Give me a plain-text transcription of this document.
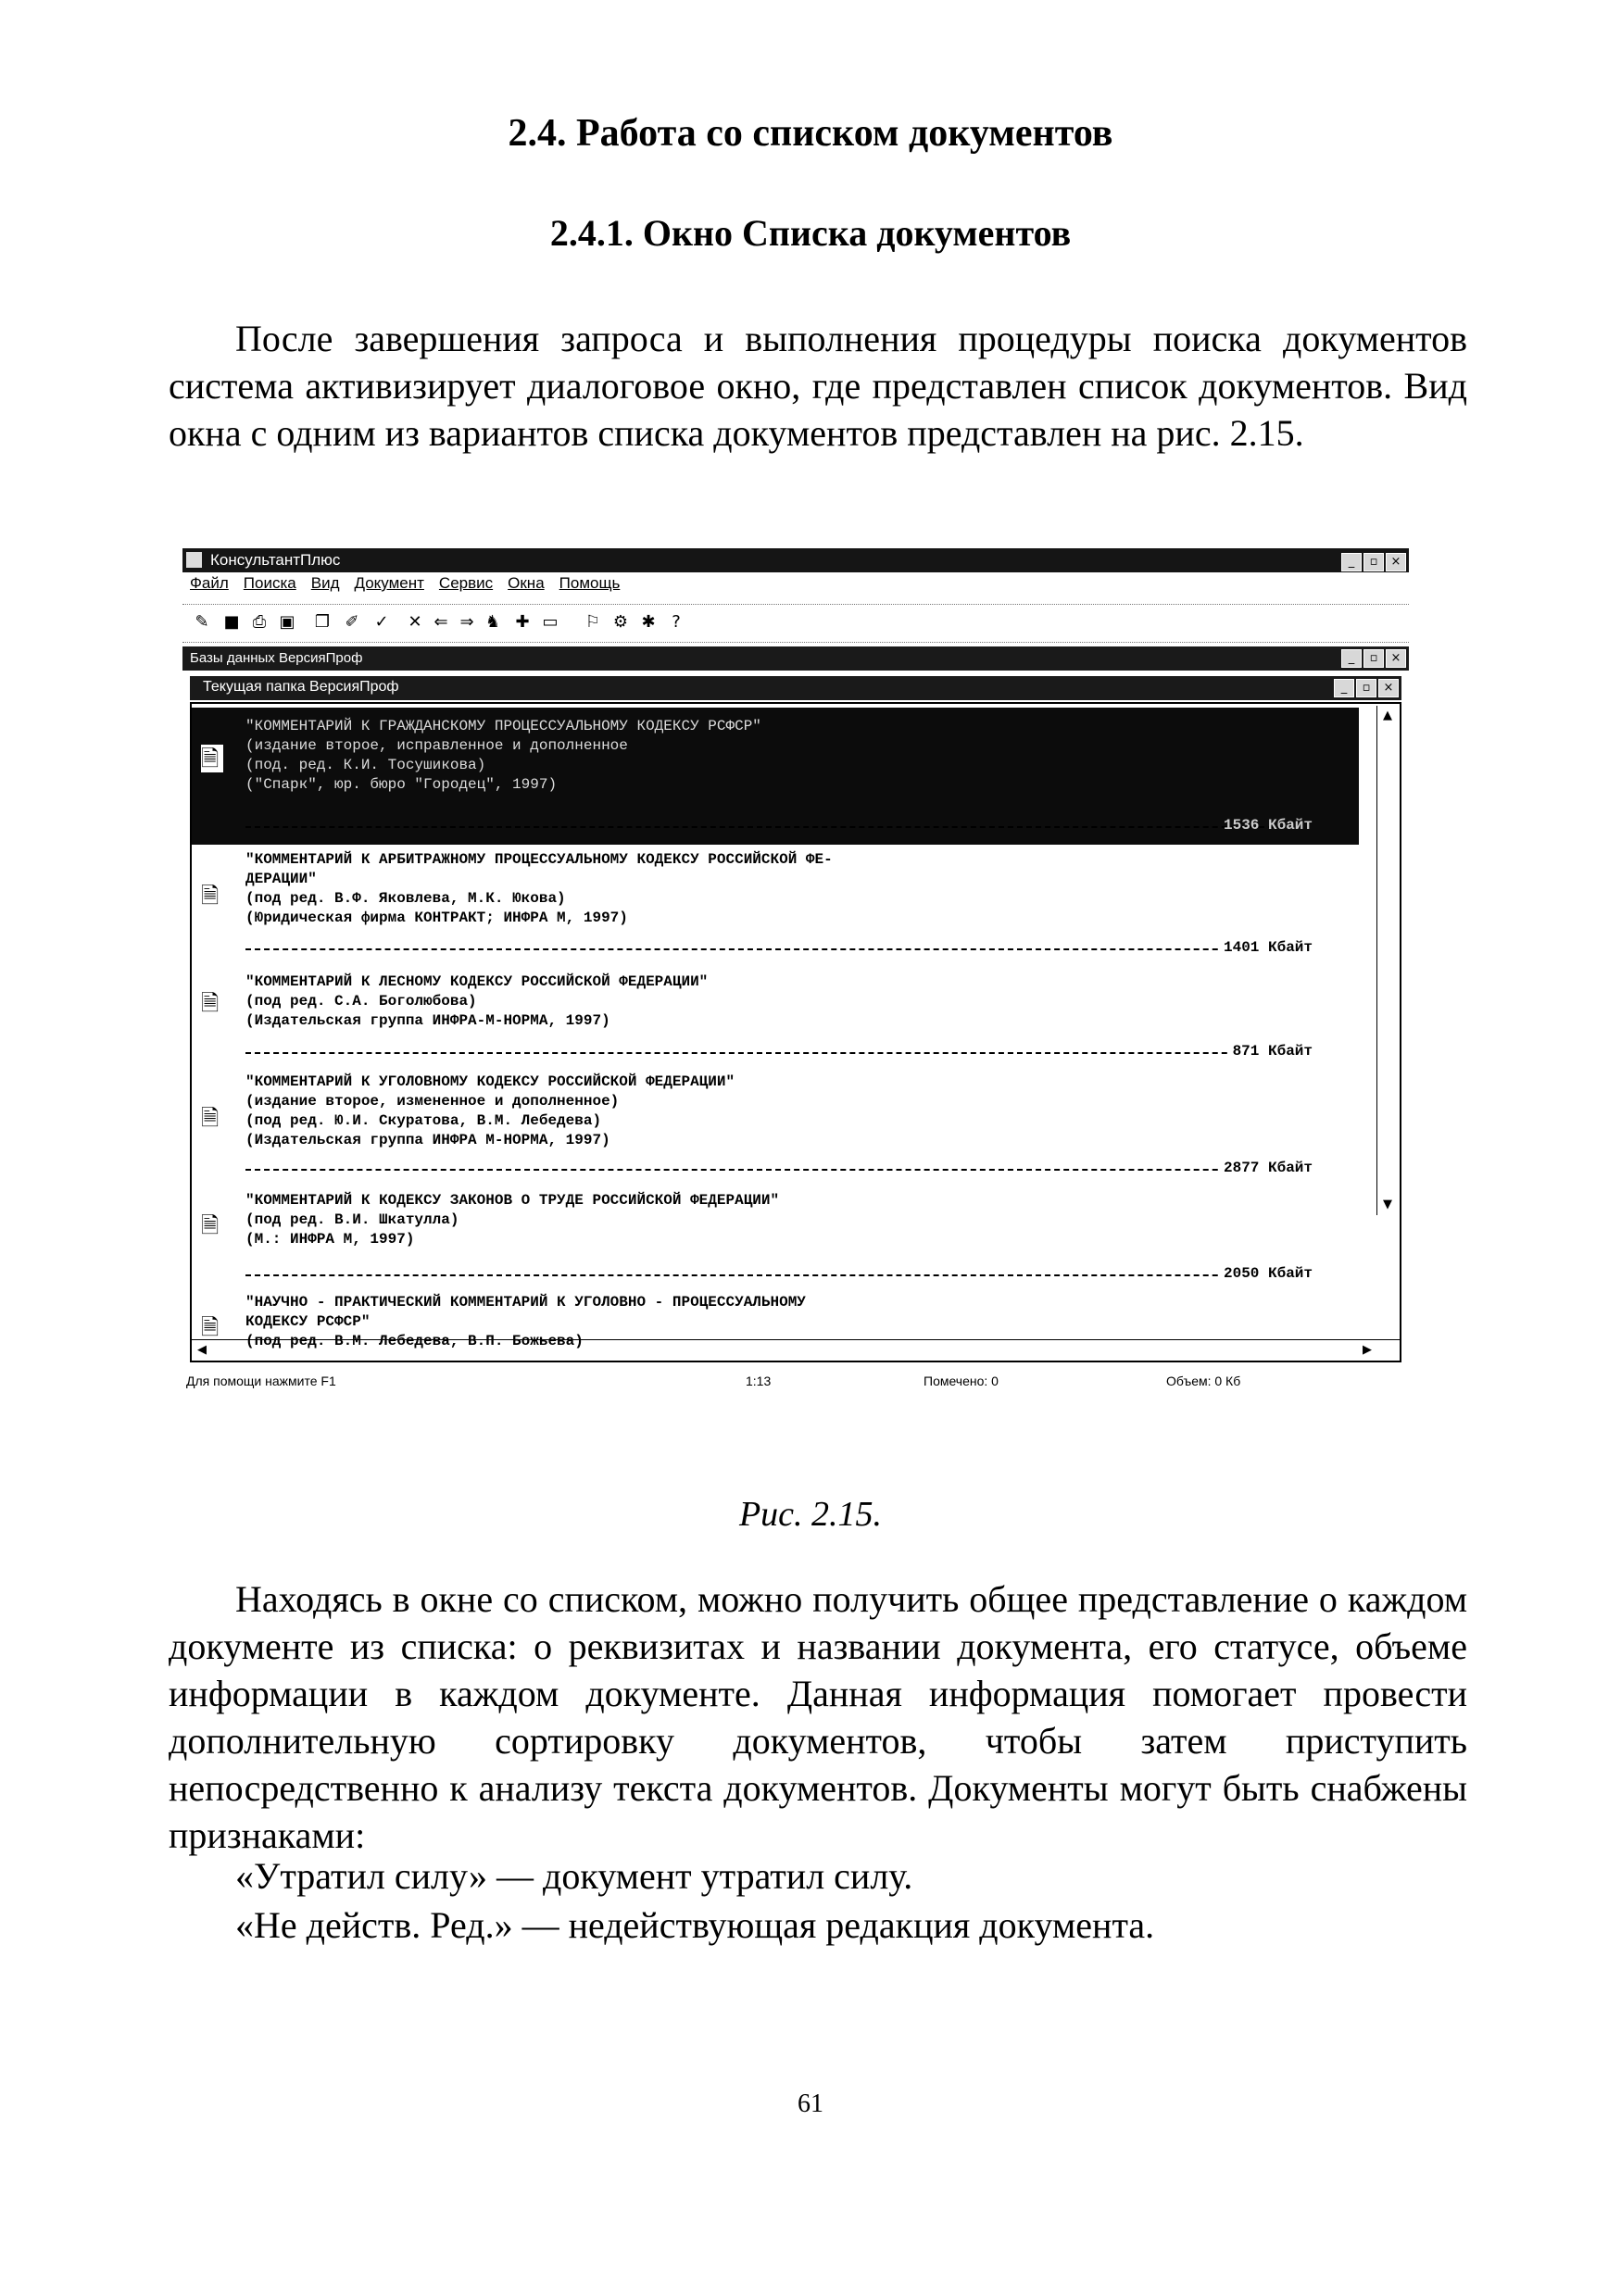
2.4. Работа со списком документов
2.4.1. Окно Списка документов
После завершения запроса и выполнения процедуры поиска документов система активизирует диалоговое окно, где представлен список документов. Вид окна с одним из вариантов списка документов представлен на рис. 2.15.
КонсультантПлюс	_ ▫ ×
Файл Поиска Вид Документ Сервис Окна Помощь
✎ ■ ⎙ ▣ ❐ ✐ ✓ ✕ ⇐ ⇒ ♞ ✚ ▭ ⚐ ⚙ ✱ ?
Базы данных ВерсияПроф	_ ▫ ×
Текущая папка ВерсияПроф	_ ▫ ×
🗎
"КОММЕНТАРИЙ К ГРАЖДАНСКОМУ ПРОЦЕССУАЛЬНОМУ КОДЕКСУ РСФСР"
(издание второе, исправленное и дополненное
(под. ред. К.И. Тосушикова)
("Спарк", юр. бюро "Городец", 1997)
1536 Кбайт
🗎
"КОММЕНТАРИЙ К АРБИТРАЖНОМУ ПРОЦЕССУАЛЬНОМУ КОДЕКСУ РОССИЙСКОЙ ФЕ-
ДЕРАЦИИ"
(под ред. В.Ф. Яковлева, М.К. Юкова)
(Юридическая фирма КОНТРАКТ; ИНФРА М, 1997)
1401 Кбайт
🗎
"КОММЕНТАРИЙ К ЛЕСНОМУ КОДЕКСУ РОССИЙСКОЙ ФЕДЕРАЦИИ"
(под ред. С.А. Боголюбова)
(Издательская группа ИНФРА-М-НОРМА, 1997)
871 Кбайт
🗎
"КОММЕНТАРИЙ К УГОЛОВНОМУ КОДЕКСУ РОССИЙСКОЙ ФЕДЕРАЦИИ"
(издание второе, измененное и дополненное)
(под ред. Ю.И. Скуратова, В.М. Лебедева)
(Издательская группа ИНФРА М-НОРМА, 1997)
2877 Кбайт
🗎
"КОММЕНТАРИЙ К КОДЕКСУ ЗАКОНОВ О ТРУДЕ РОССИЙСКОЙ ФЕДЕРАЦИИ"
(под ред. В.И. Шкатулла)
(М.: ИНФРА М, 1997)
2050 Кбайт
🗎
"НАУЧНО - ПРАКТИЧЕСКИЙ КОММЕНТАРИЙ К УГОЛОВНО - ПРОЦЕССУАЛЬНОМУ
КОДЕКСУ РСФСР"
(под ред. В.М. Лебедева, В.П. Божьева)
▲
▼
◀	▶
Для помощи нажмите F1	1:13	Помечено: 0	Объем: 0 Кб
Рис. 2.15.
Находясь в окне со списком, можно получить общее представление о каждом документе из списка: о реквизитах и названии документа, его статусе, объеме информации в каждом документе. Данная информация помогает провести дополнительную сортировку документов, чтобы затем приступить непосредственно к анализу текста документов. Документы могут быть снабжены признаками:
«Утратил силу» — документ утратил силу.
«Не действ. Ред.» — недействующая редакция документа.
61
